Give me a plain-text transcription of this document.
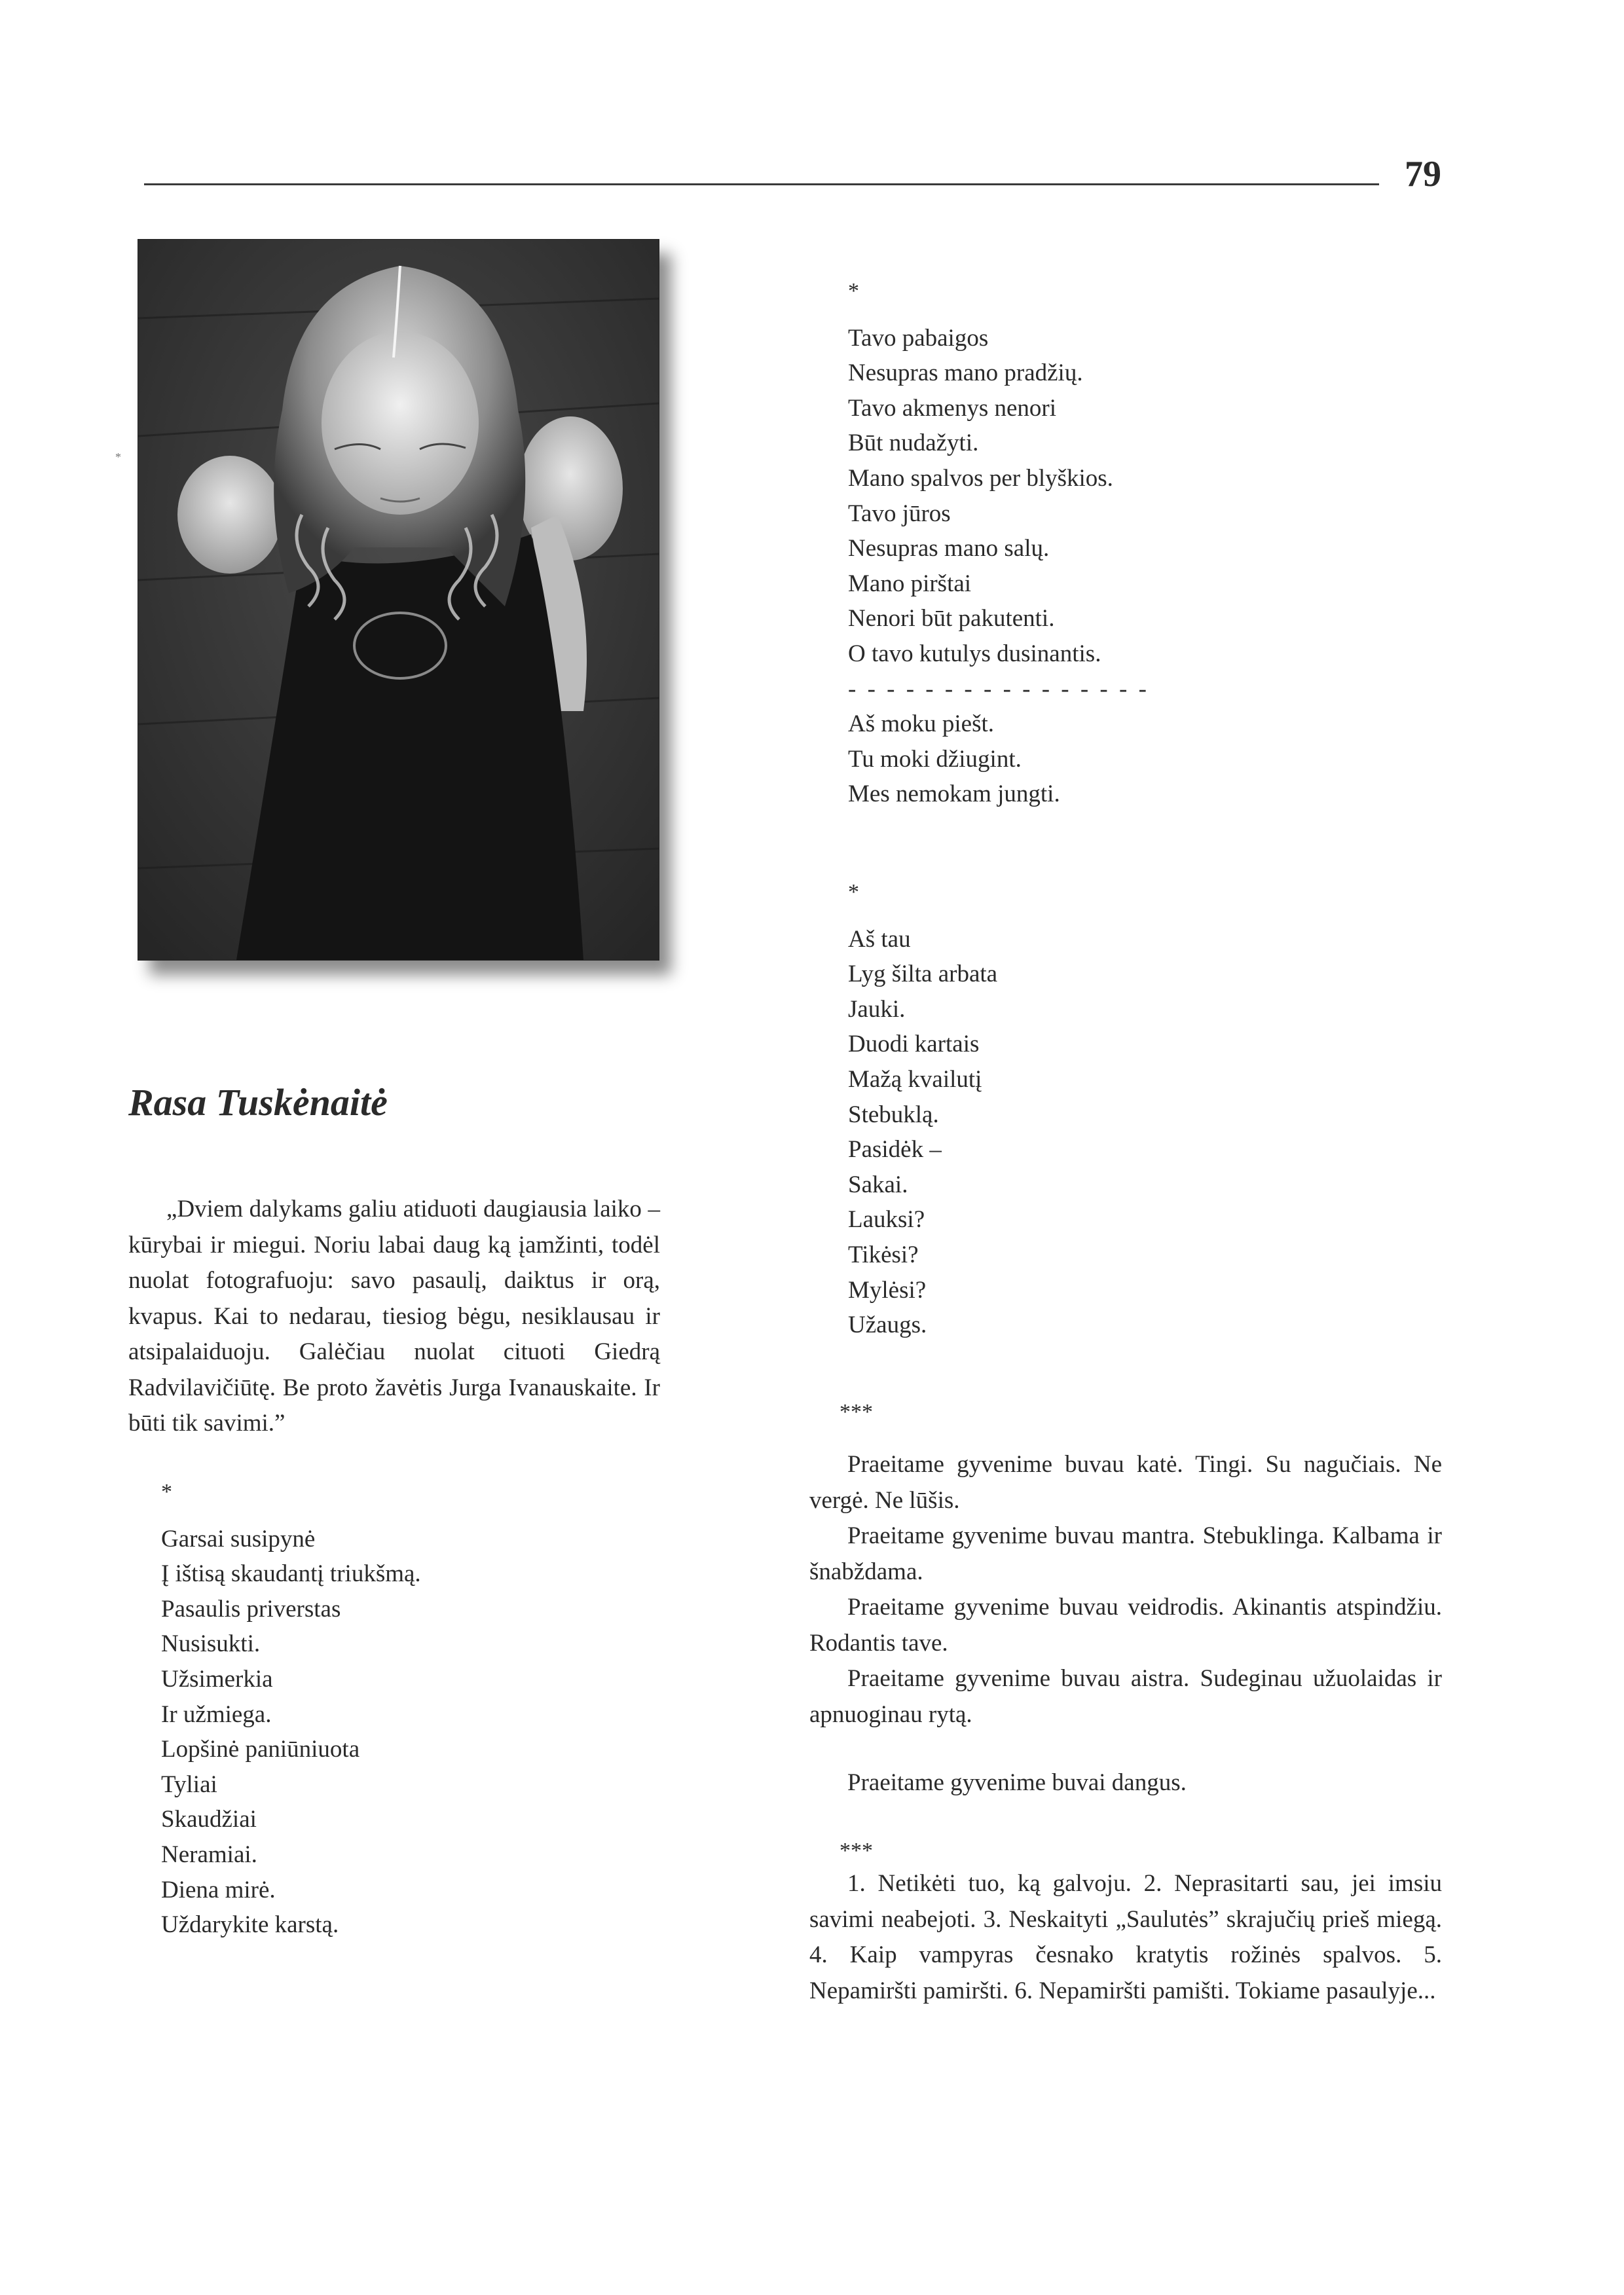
79
*
*
Tavo pabaigos
Nesupras mano pradžių.
Tavo akmenys nenori
Būt nudažyti.
Mano spalvos per blyškios.
Tavo jūros
Nesupras mano salų.
Mano pirštai
Nenori būt pakutenti.
O tavo kutulys dusinantis.
- - - - - - - - - - - - - - - -
Aš moku piešt.
Tu moki džiugint.
Mes nemokam jungti.
*
Aš tau
Lyg šilta arbata
Jauki.
Duodi kartais
Mažą kvailutį
Stebuklą.
Pasidėk –
Sakai.
Lauksi?
Tikėsi?
Mylėsi?
Užaugs.
Rasa Tuskėnaitė

„Dviem dalykams galiu atiduoti daugiausia laiko – kūrybai ir miegui. Noriu labai daug ką įamžinti, todėl nuolat fotografuoju: savo pasaulį, daiktus ir orą, kvapus. Kai to nedarau, tiesiog bėgu, nesiklausau ir atsipalaiduoju. Galėčiau nuolat cituoti Giedrą Radvilavičiūtę. Be proto žavėtis Jurga Ivanauskaite. Ir būti tik savimi.”

*
Garsai susipynė
Į ištisą skaudantį triukšmą.
Pasaulis priverstas
Nusisukti.
Užsimerkia
Ir užmiega.
Lopšinė paniūniuota
Tyliai
Skaudžiai
Neramiai.
Diena mirė.
Uždarykite karstą.
***

Praeitame gyvenime buvau katė. Tingi. Su nagučiais. Ne vergė. Ne lūšis.

Praeitame gyvenime buvau mantra. Stebuklinga. Kalbama ir šnabždama.

Praeitame gyvenime buvau veidrodis. Akinantis atspindžiu. Rodantis tave.

Praeitame gyvenime buvau aistra. Sudeginau užuolaidas ir apnuoginau rytą.

Praeitame gyvenime buvai dangus.

***

1. Netikėti tuo, ką galvoju. 2. Neprasitarti sau, jei imsiu savimi neabejoti. 3. Neskaityti „Saulutės” skrajučių prieš miegą. 4. Kaip vampyras česnako kratytis rožinės spalvos. 5. Nepamiršti pamiršti. 6. Nepamiršti pamišti. Tokiame pasaulyje...
